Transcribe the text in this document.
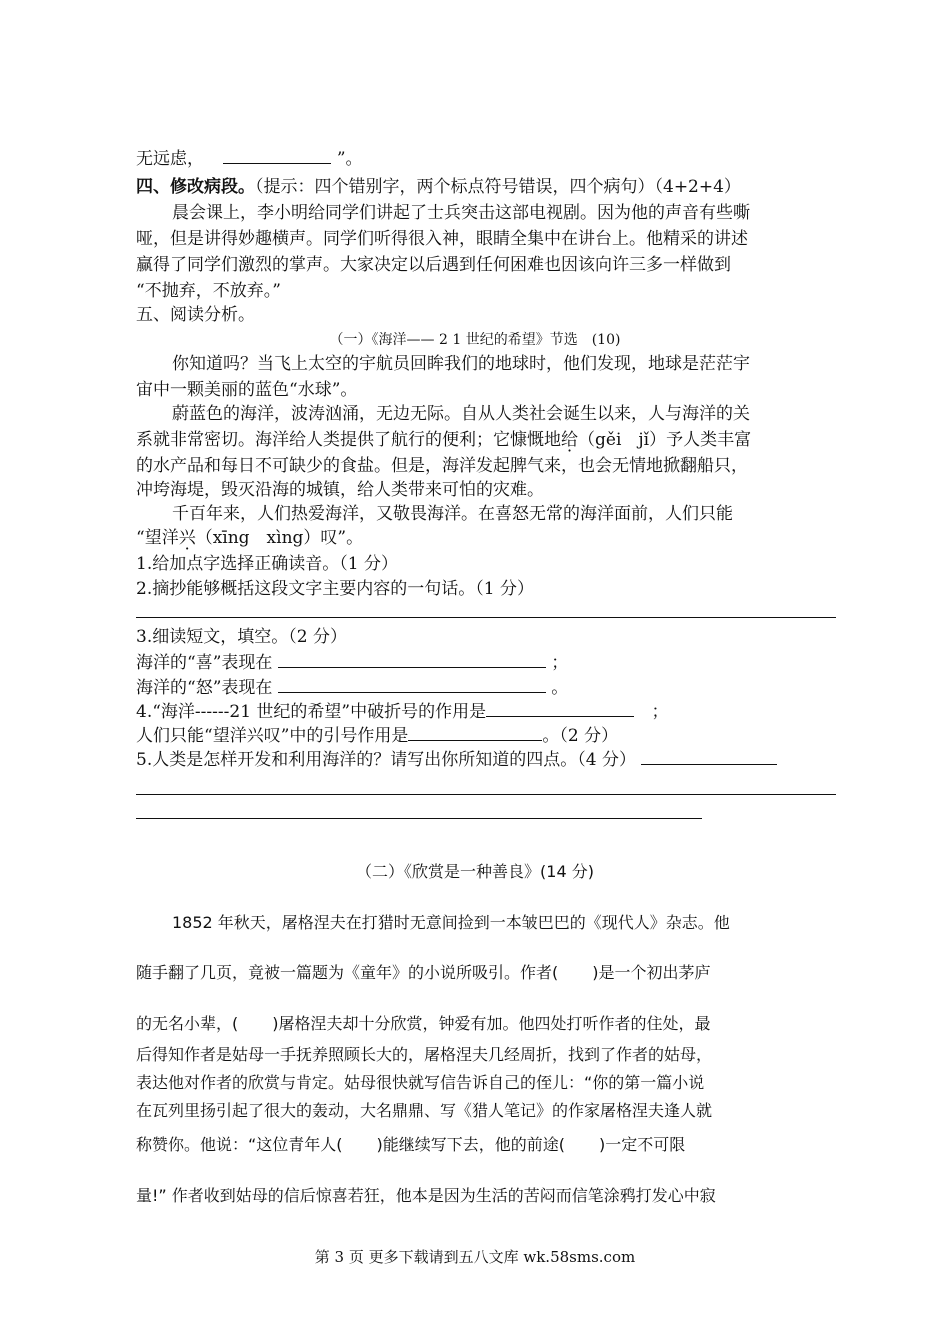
无远虑，	”。
四、修改病段。（提示：四个错别字，两个标点符号错误，四个病句）（4+2+4）
晨会课上，李小明给同学们讲起了士兵突击这部电视剧。因为他的声音有些嘶
哑，但是讲得妙趣横声。同学们听得很入神，眼睛全集中在讲台上。他精采的讲述
赢得了同学们激烈的掌声。大家决定以后遇到任何困难也因该向许三多一样做到
“不抛弃，不放弃。”
五、阅读分析。
（一）《海洋—— 2 1 世纪的希望》节选　(10)
你知道吗？当飞上太空的宇航员回眸我们的地球时，他们发现，地球是茫茫宇
宙中一颗美丽的蓝色“水球”。
蔚蓝色的海洋，波涛汹涌，无边无际。自从人类社会诞生以来，人与海洋的关
系就非常密切。海洋给人类提供了航行的便利；它慷慨地给（gěi　jǐ）予人类丰富
的水产品和每日不可缺少的食盐。但是，海洋发起脾气来，也会无情地掀翻船只，
冲垮海堤，毁灭沿海的城镇，给人类带来可怕的灾难。
千百年来，人们热爱海洋，又敬畏海洋。在喜怒无常的海洋面前，人们只能
“望洋兴（xīng　xìng）叹”。
1.给加点字选择正确读音。（1 分）
2.摘抄能够概括这段文字主要内容的一句话。（1 分）
3.细读短文，填空。（2 分）
海洋的“喜”表现在	；
海洋的“怒”表现在	。
4.“海洋------21 世纪的希望”中破折号的作用是	；
人们只能“望洋兴叹”中的引号作用是	。（2 分）
5.人类是怎样开发和利用海洋的？请写出你所知道的四点。（4 分）
（二）《欣赏是一种善良》(14 分)
1852 年秋天，屠格涅夫在打猎时无意间捡到一本皱巴巴的《现代人》杂志。他
随手翻了几页，竟被一篇题为《童年》的小说所吸引。作者( )是一个初出茅庐
的无名小辈，( )屠格涅夫却十分欣赏，钟爱有加。他四处打听作者的住处，最
后得知作者是姑母一手抚养照顾长大的，屠格涅夫几经周折，找到了作者的姑母，
表达他对作者的欣赏与肯定。姑母很快就写信告诉自己的侄儿：“你的第一篇小说
在瓦列里扬引起了很大的轰动，大名鼎鼎、写《猎人笔记》的作家屠格涅夫逢人就
称赞你。他说：“这位青年人( )能继续写下去，他的前途( )一定不可限
量!” 作者收到姑母的信后惊喜若狂，他本是因为生活的苦闷而信笔涂鸦打发心中寂
第 3 页 更多下载请到五八文库 wk.58sms.com
